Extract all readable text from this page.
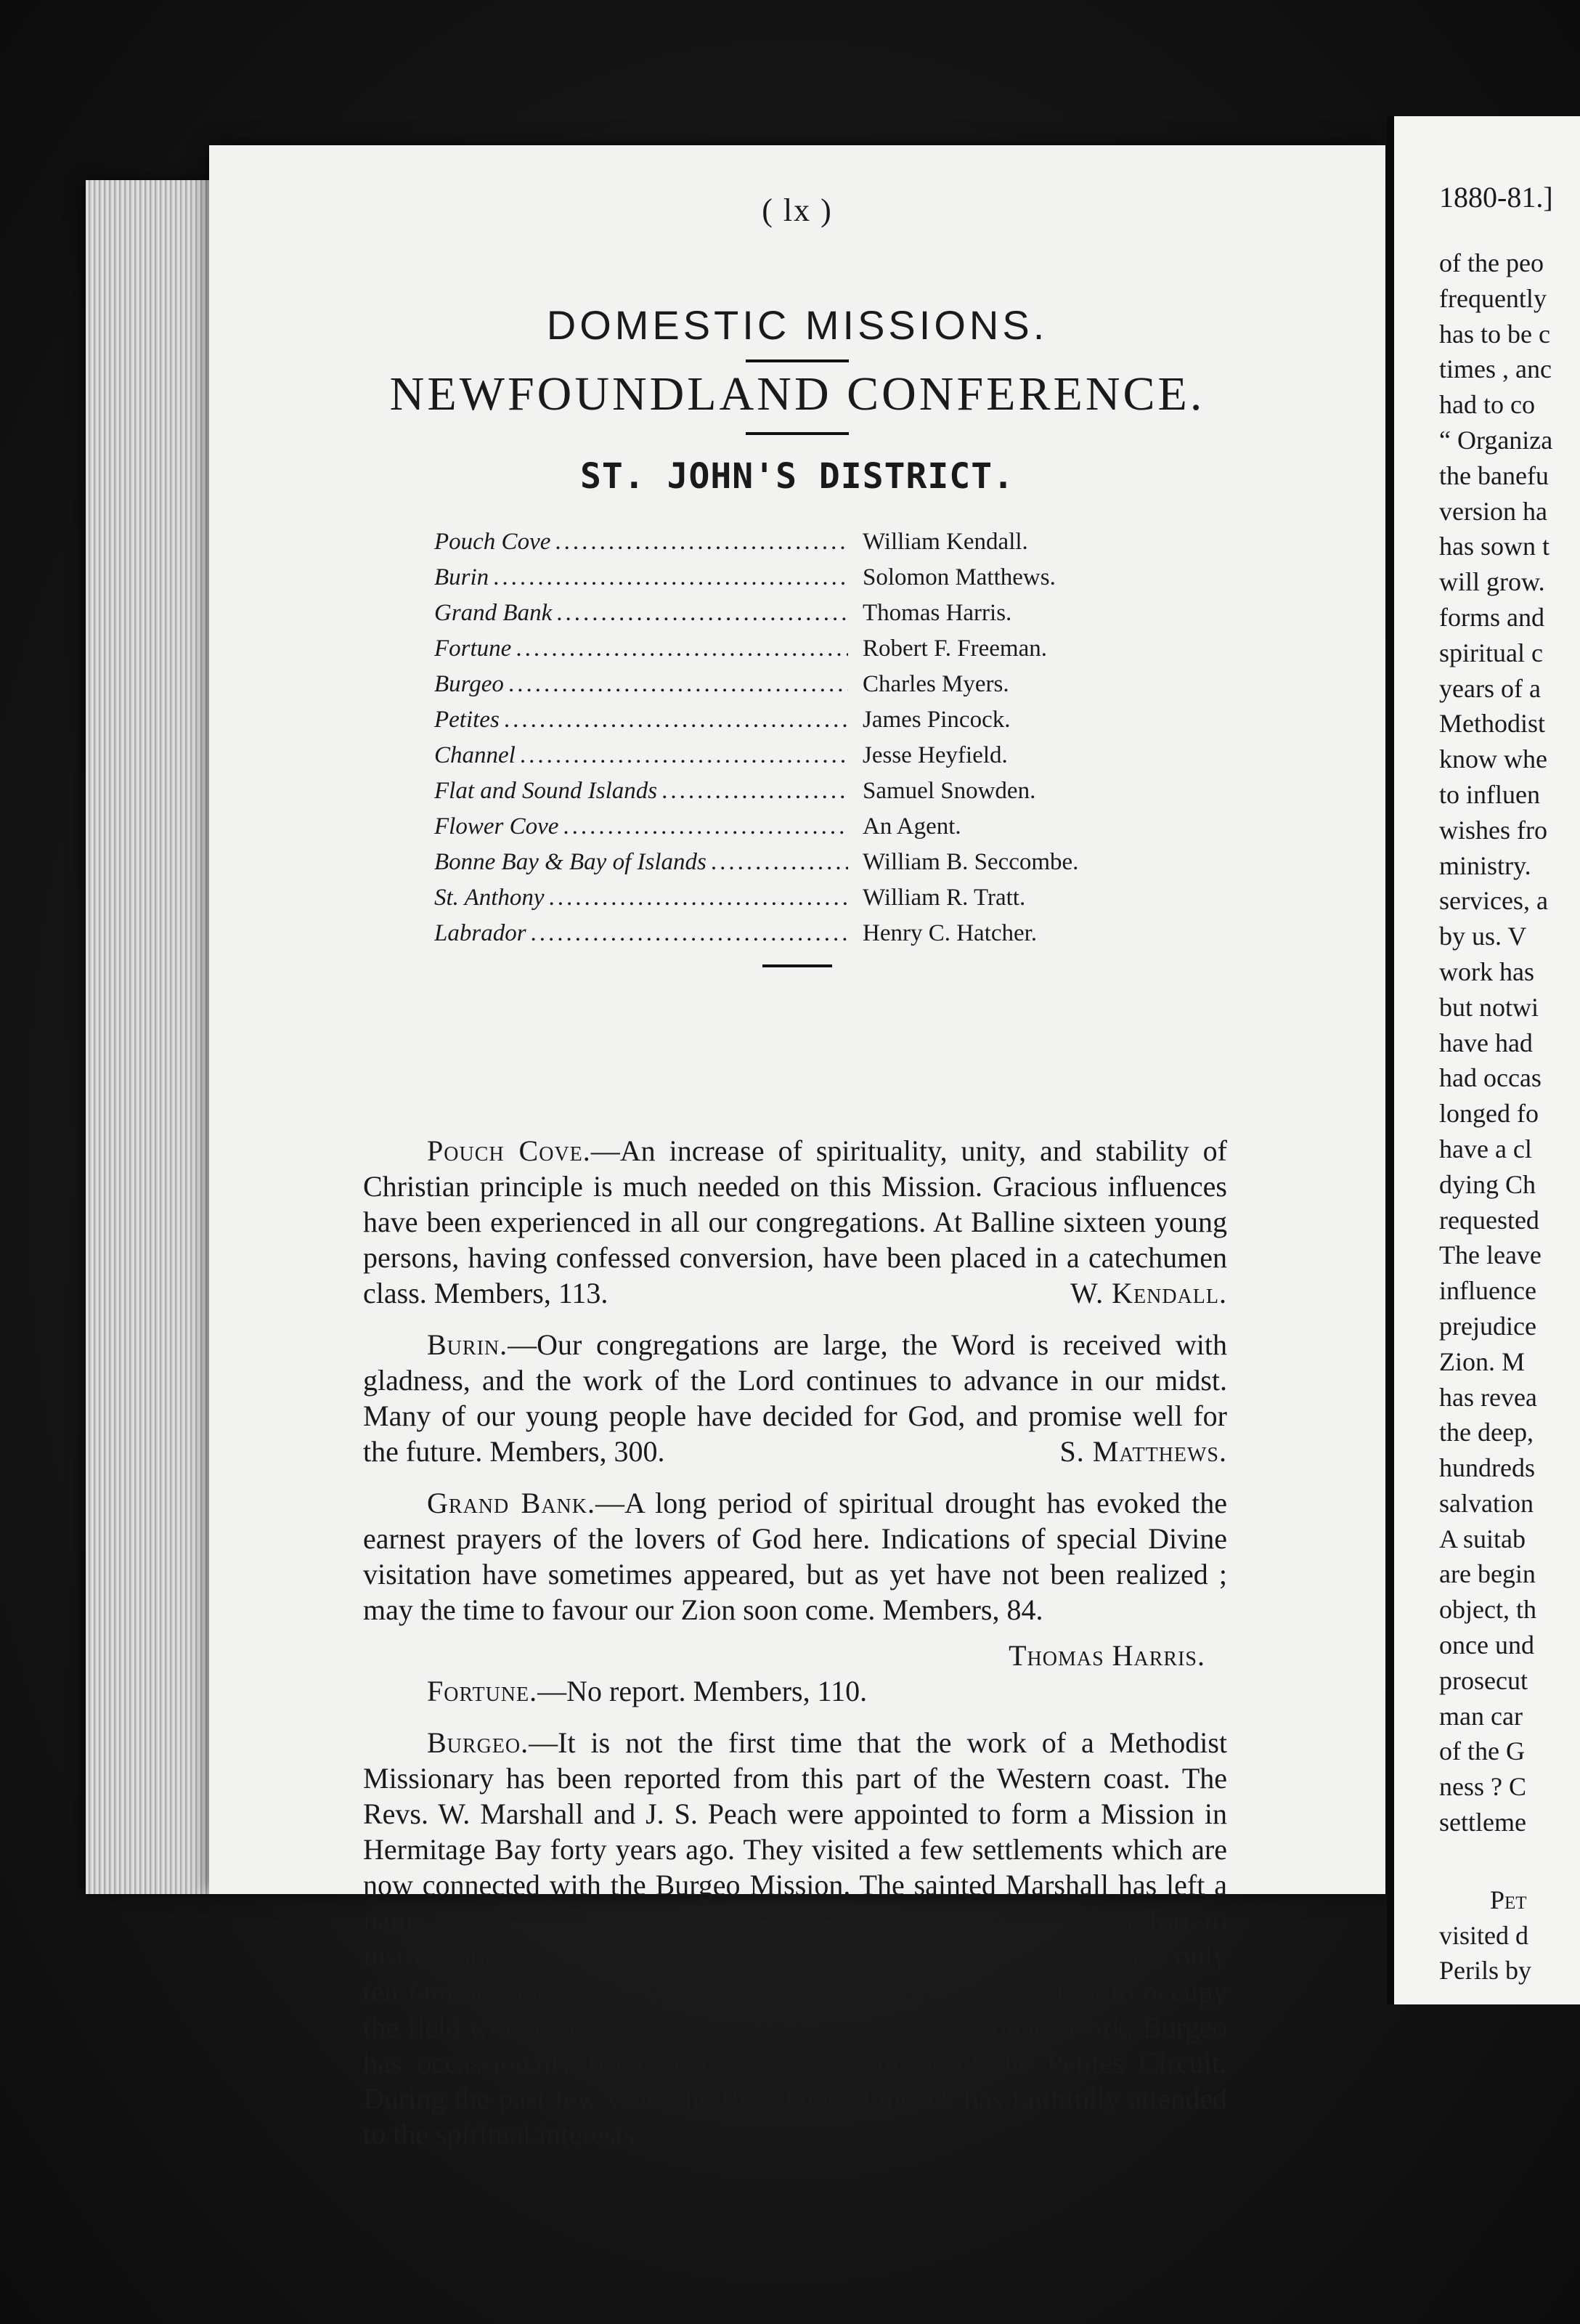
( lx )
DOMESTIC MISSIONS.
NEWFOUNDLAND CONFERENCE.
ST. JOHN'S DISTRICT.
Pouch Cove .....	William Kendall.
Burin .....	Solomon Matthews.
Grand Bank .....	Thomas Harris.
Fortune .....	Robert F. Freeman.
Burgeo .....	Charles Myers.
Petites .....	James Pincock.
Channel .....	Jesse Heyfield.
Flat and Sound Islands .....	Samuel Snowden.
Flower Cove .....	An Agent.
Bonne Bay & Bay of Islands .....	William B. Seccombe.
St. Anthony .....	William R. Tratt.
Labrador .....	Henry C. Hatcher.

Pouch Cove.—An increase of spirituality, unity, and stability of Christian principle is much needed on this Mission. Gracious influences have been experienced in all our congregations. At Balline sixteen young persons, having confessed conversion, have been placed in a catechumen class. Members, 113.	W. Kendall.

Burin.—Our congregations are large, the Word is received with gladness, and the work of the Lord continues to advance in our midst. Many of our young people have decided for God, and promise well for the future. Members, 300.	S. Matthews.

Grand Bank.—A long period of spiritual drought has evoked the earnest prayers of the lovers of God here. Indications of special Divine visitation have sometimes appeared, but as yet have not been realized ; may the time to favour our Zion soon come. Members, 84.

Thomas Harris.

Fortune.—No report. Members, 110.

Burgeo.—It is not the first time that the work of a Methodist Missionary has been reported from this part of the Western coast. The Revs. W. Marshall and J. S. Peach were appointed to form a Mission in Hermitage Bay forty years ago. They visited a few settlements which are now connected with the Burgeo Mission. The sainted Marshall has left a name which will be long remembered, because of his noble effort to instruct and save the people. He preached at Burgeo when there were only ten families and no church or school, so that we were the first to occupy the field which has recently become a centre of missionary work. Burgeo has occassionally been visited by the minister of the Petites Circuit. During the past few years the Rev. James Pincock has faithfully attended to the spiritual interests

1880-81.]
of the peo
frequently
has to be c
times , anc
had to co
“ Organiza
the banefu
version ha
has sown t
will grow.
forms and
spiritual c
years of a
Methodist
know whe
to influen
wishes fro
ministry.
services, a
by us. V
work has
but notwi
have had
had occas
longed fo
have a cl
dying Ch
requested
The leave
influence
prejudice
Zion. M
has revea
the deep,
hundreds
salvation
A suitab
are begin
object, th
once und
prosecut
man car
of the G
ness ? C
settleme
Pet
visited d
Perils by
